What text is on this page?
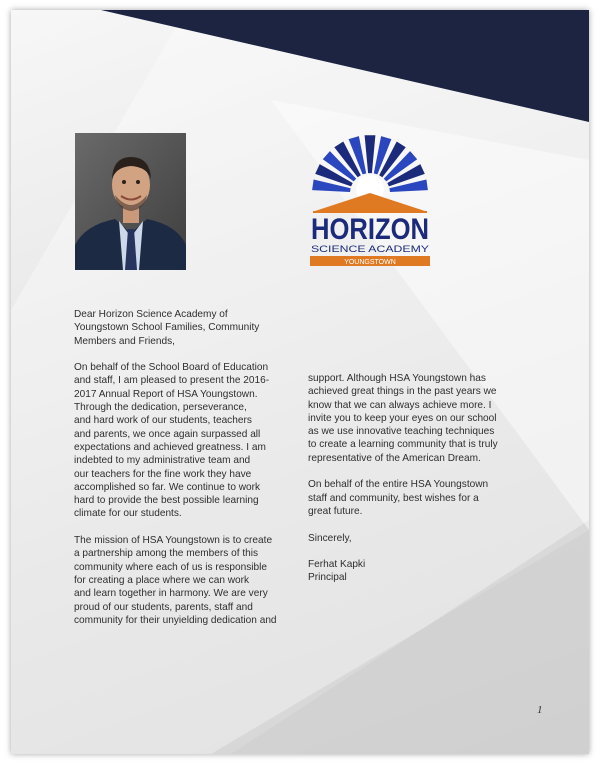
HORIZON
SCIENCE ACADEMY
YOUNGSTOWN

Dear Horizon Science Academy of
Youngstown School Families, Community
Members and Friends,

On behalf of the School Board of Education
and staff, I am pleased to present the 2016-
2017 Annual Report of HSA Youngstown.
Through the dedication, perseverance,
and hard work of our students, teachers
and parents, we once again surpassed all
expectations and achieved greatness. I am
indebted to my administrative team and
our teachers for the fine work they have
accomplished so far. We continue to work
hard to provide the best possible learning
climate for our students.

The mission of HSA Youngstown is to create
a partnership among the members of this
community where each of us is responsible
for creating a place where we can work
and learn together in harmony. We are very
proud of our students, parents, staff and
community for their unyielding dedication and

support. Although HSA Youngstown has
achieved great things in the past years we
know that we can always achieve more. I
invite you to keep your eyes on our school
as we use innovative teaching techniques
to create a learning community that is truly
representative of the American Dream.

On behalf of the entire HSA Youngstown
staff and community, best wishes for a
great future.

Sincerely,

Ferhat Kapki

Principal

1
